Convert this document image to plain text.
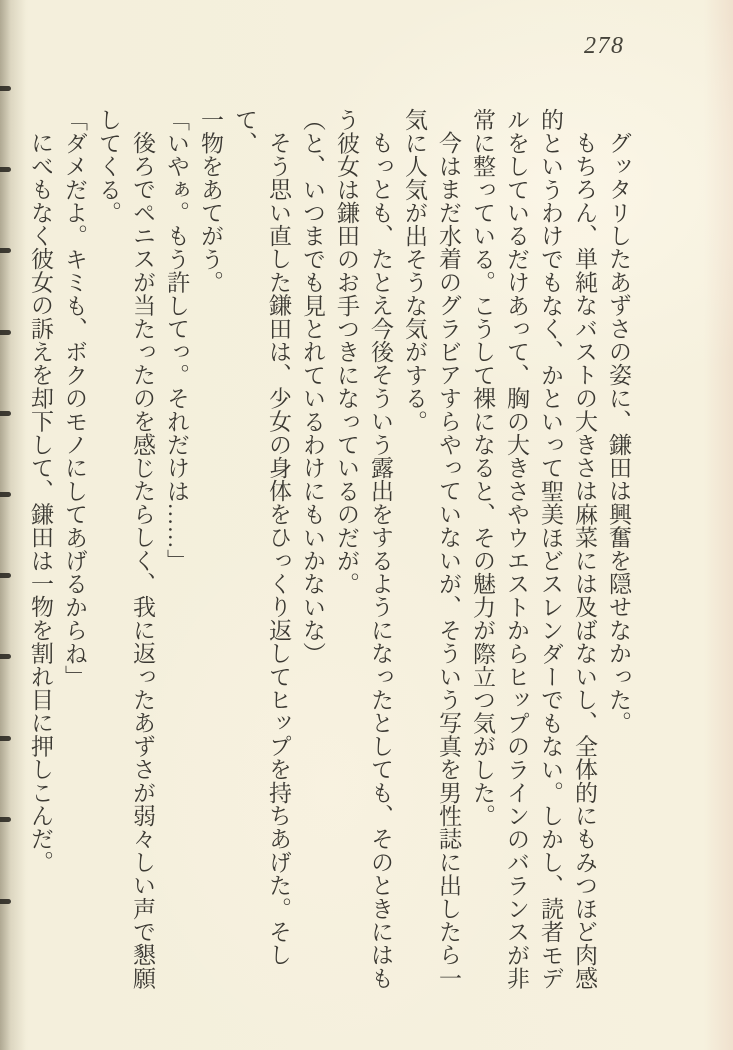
278
グッタリしたあずさの姿に、鎌田は興奮を隠せなかった。
もちろん、単純なバストの大きさは麻菜には及ばないし、全体的にもみつほど肉感
的というわけでもなく、かといって聖美ほどスレンダーでもない。しかし、読者モデ
ルをしているだけあって、胸の大きさやウエストからヒップのラインのバランスが非
常に整っている。こうして裸になると、その魅力が際立つ気がした。
今はまだ水着のグラビアすらやっていないが、そういう写真を男性誌に出したら一
気に人気が出そうな気がする。
もっとも、たとえ今後そういう露出をするようになったとしても、そのときにはも
う彼女は鎌田のお手つきになっているのだが。
（と、いつまでも見とれているわけにもいかないな）
そう思い直した鎌田は、少女の身体をひっくり返してヒップを持ちあげた。そして、
一物をあてがう。
「いやぁ。もう許してっ。それだけは……」
後ろでペニスが当たったのを感じたらしく、我に返ったあずさが弱々しい声で懇願
してくる。
「ダメだよ。キミも、ボクのモノにしてあげるからね」
にべもなく彼女の訴えを却下して、鎌田は一物を割れ目に押しこんだ。
